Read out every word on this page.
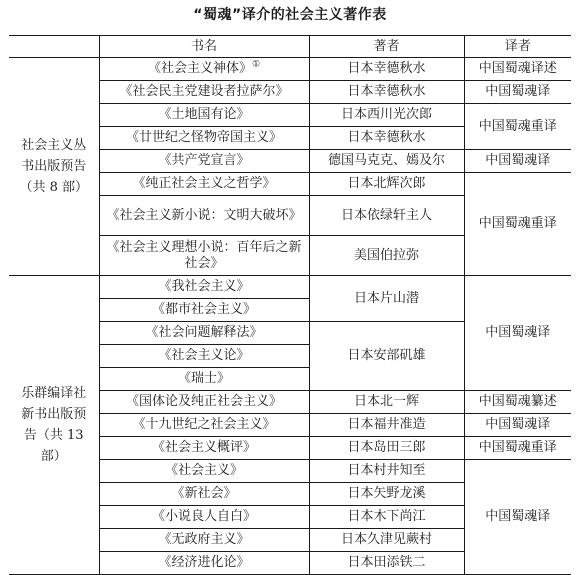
“蜀魂”译介的社会主义著作表
	书名	著者	译者
社会主义丛书出版预告（共 8 部）	《社会主义神体》①	日本幸德秋水	中国蜀魂译述
	《社会民主党建设者拉萨尔》	日本幸德秋水	中国蜀魂译
	《土地国有论》	日本西川光次郎	中国蜀魂重译
	《廿世纪之怪物帝国主义》	日本幸德秋水	
	《共产党宣言》	德国马克克、嫣及尔	中国蜀魂译
	《纯正社会主义之哲学》	日本北辉次郎	中国蜀魂重译
	《社会主义新小说：文明大破坏》	日本依绿轩主人	
	《社会主义理想小说：百年后之新社会》	美国伯拉弥	
乐群编译社新书出版预告（共 13 部）	《我社会主义》	日本片山潜	中国蜀魂译
	《都市社会主义》		
	《社会问题解释法》	日本安部矶雄	
	《社会主义论》		
	《瑞士》		
	《国体论及纯正社会主义》	日本北一辉	中国蜀魂纂述
	《十九世纪之社会主义》	日本福井准造	中国蜀魂译
	《社会主义概评》	日本岛田三郎	中国蜀魂重译
	《社会主义》	日本村井知至	中国蜀魂译
	《新社会》	日本矢野龙溪	
	《小说良人自白》	日本木下尚江	
	《无政府主义》	日本久津见蕨村	
	《经济进化论》	日本田添铁二	
